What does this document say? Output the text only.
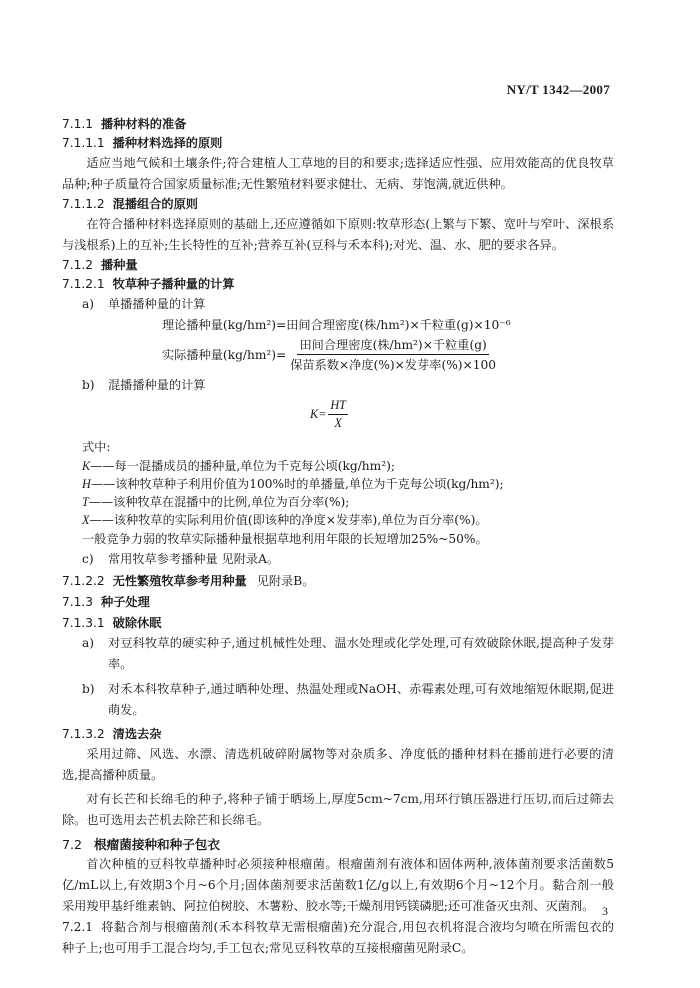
NY/T 1342—2007
7.1.1 播种材料的准备
7.1.1.1 播种材料选择的原则

适应当地气候和土壤条件;符合建植人工草地的目的和要求;选择适应性强、应用效能高的优良牧草品种;种子质量符合国家质量标准;无性繁殖材料要求健壮、无病、芽饱满,就近供种。

7.1.1.2 混播组合的原则

在符合播种材料选择原则的基础上,还应遵循如下原则:牧草形态(上繁与下繁、宽叶与窄叶、深根系与浅根系)上的互补;生长特性的互补;营养互补(豆科与禾本科);对光、温、水、肥的要求各异。

7.1.2 播种量
7.1.2.1 牧草种子播种量的计算
a)	单播播种量的计算
理论播种量(kg/hm²)= 田间合理密度(株/hm²)×千粒重(g)×10⁻⁶
实际播种量$(kg/hm^2)= \frac{\text{田间合理密度(株/hm²)×千粒重(g)}}{\text{保苗系数×净度(\%)×发芽率(\%)×100}}$
b)	混播播种量的计算
$K= \frac{HT}{X}$

式中:

K——每一混播成员的播种量,单位为千克每公顷(kg/hm²);

H——该种牧草种子利用价值为100%时的单播量,单位为千克每公顷(kg/hm²);

T——该种牧草在混播中的比例,单位为百分率(%);

X——该种牧草的实际利用价值(即该种的净度×发芽率),单位为百分率(%)。

一般竞争力弱的牧草实际播种量根据草地利用年限的长短增加25%~50%。

c)	常用牧草参考播种量 见附录A。
7.1.2.2 无性繁殖牧草参考用种量 见附录B。
7.1.3 种子处理
7.1.3.1 破除休眠
a)	对豆科牧草的硬实种子,通过机械性处理、温水处理或化学处理,可有效破除休眠,提高种子发芽率。
b)	对禾本科牧草种子,通过晒种处理、热温处理或NaOH、赤霉素处理,可有效地缩短休眠期,促进萌发。
7.1.3.2 清选去杂

采用过筛、风选、水漂、清选机破碎附属物等对杂质多、净度低的播种材料在播前进行必要的清选,提高播种质量。

对有长芒和长绵毛的种子,将种子铺于晒场上,厚度5cm~7cm,用环行镇压器进行压切,而后过筛去除。也可选用去芒机去除芒和长绵毛。

7.2 根瘤菌接种和种子包衣

首次种植的豆科牧草播种时必须接种根瘤菌。根瘤菌剂有液体和固体两种,液体菌剂要求活菌数5亿/mL以上,有效期3个月~6个月;固体菌剂要求活菌数1亿/g以上,有效期6个月~12个月。黏合剂一般采用羧甲基纤维素钠、阿拉伯树胶、木薯粉、胶水等;干燥剂用钙镁磷肥;还可准备灭虫剂、灭菌剂。

7.2.1 将黏合剂与根瘤菌剂(禾本科牧草无需根瘤菌)充分混合,用包衣机将混合液均匀喷在所需包衣的种子上;也可用手工混合均匀,手工包衣;常见豆科牧草的互接根瘤菌见附录C。

3
